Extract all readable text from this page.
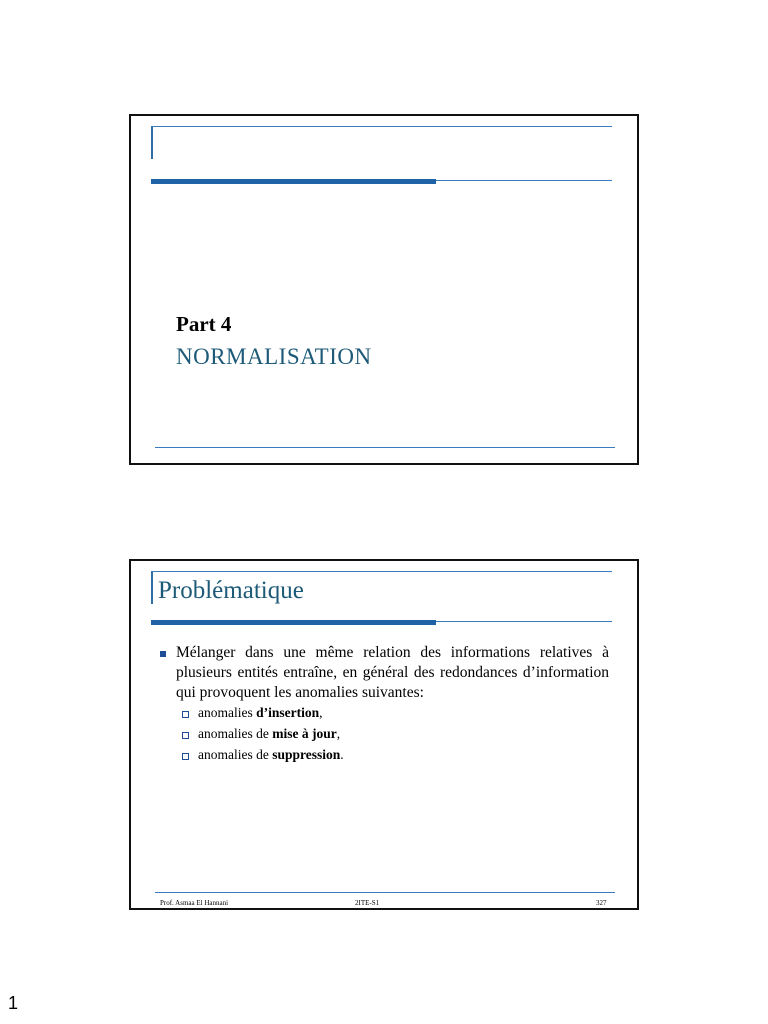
Part 4
NORMALISATION
Problématique
Mélanger dans une même relation des informations relatives à plusieurs entités entraîne, en général des redondances d’information qui provoquent les anomalies suivantes:
anomalies d’insertion,
anomalies de mise à jour,
anomalies de suppression.
Prof. Asmaa El Hannani	2ITE-S1	327
1
